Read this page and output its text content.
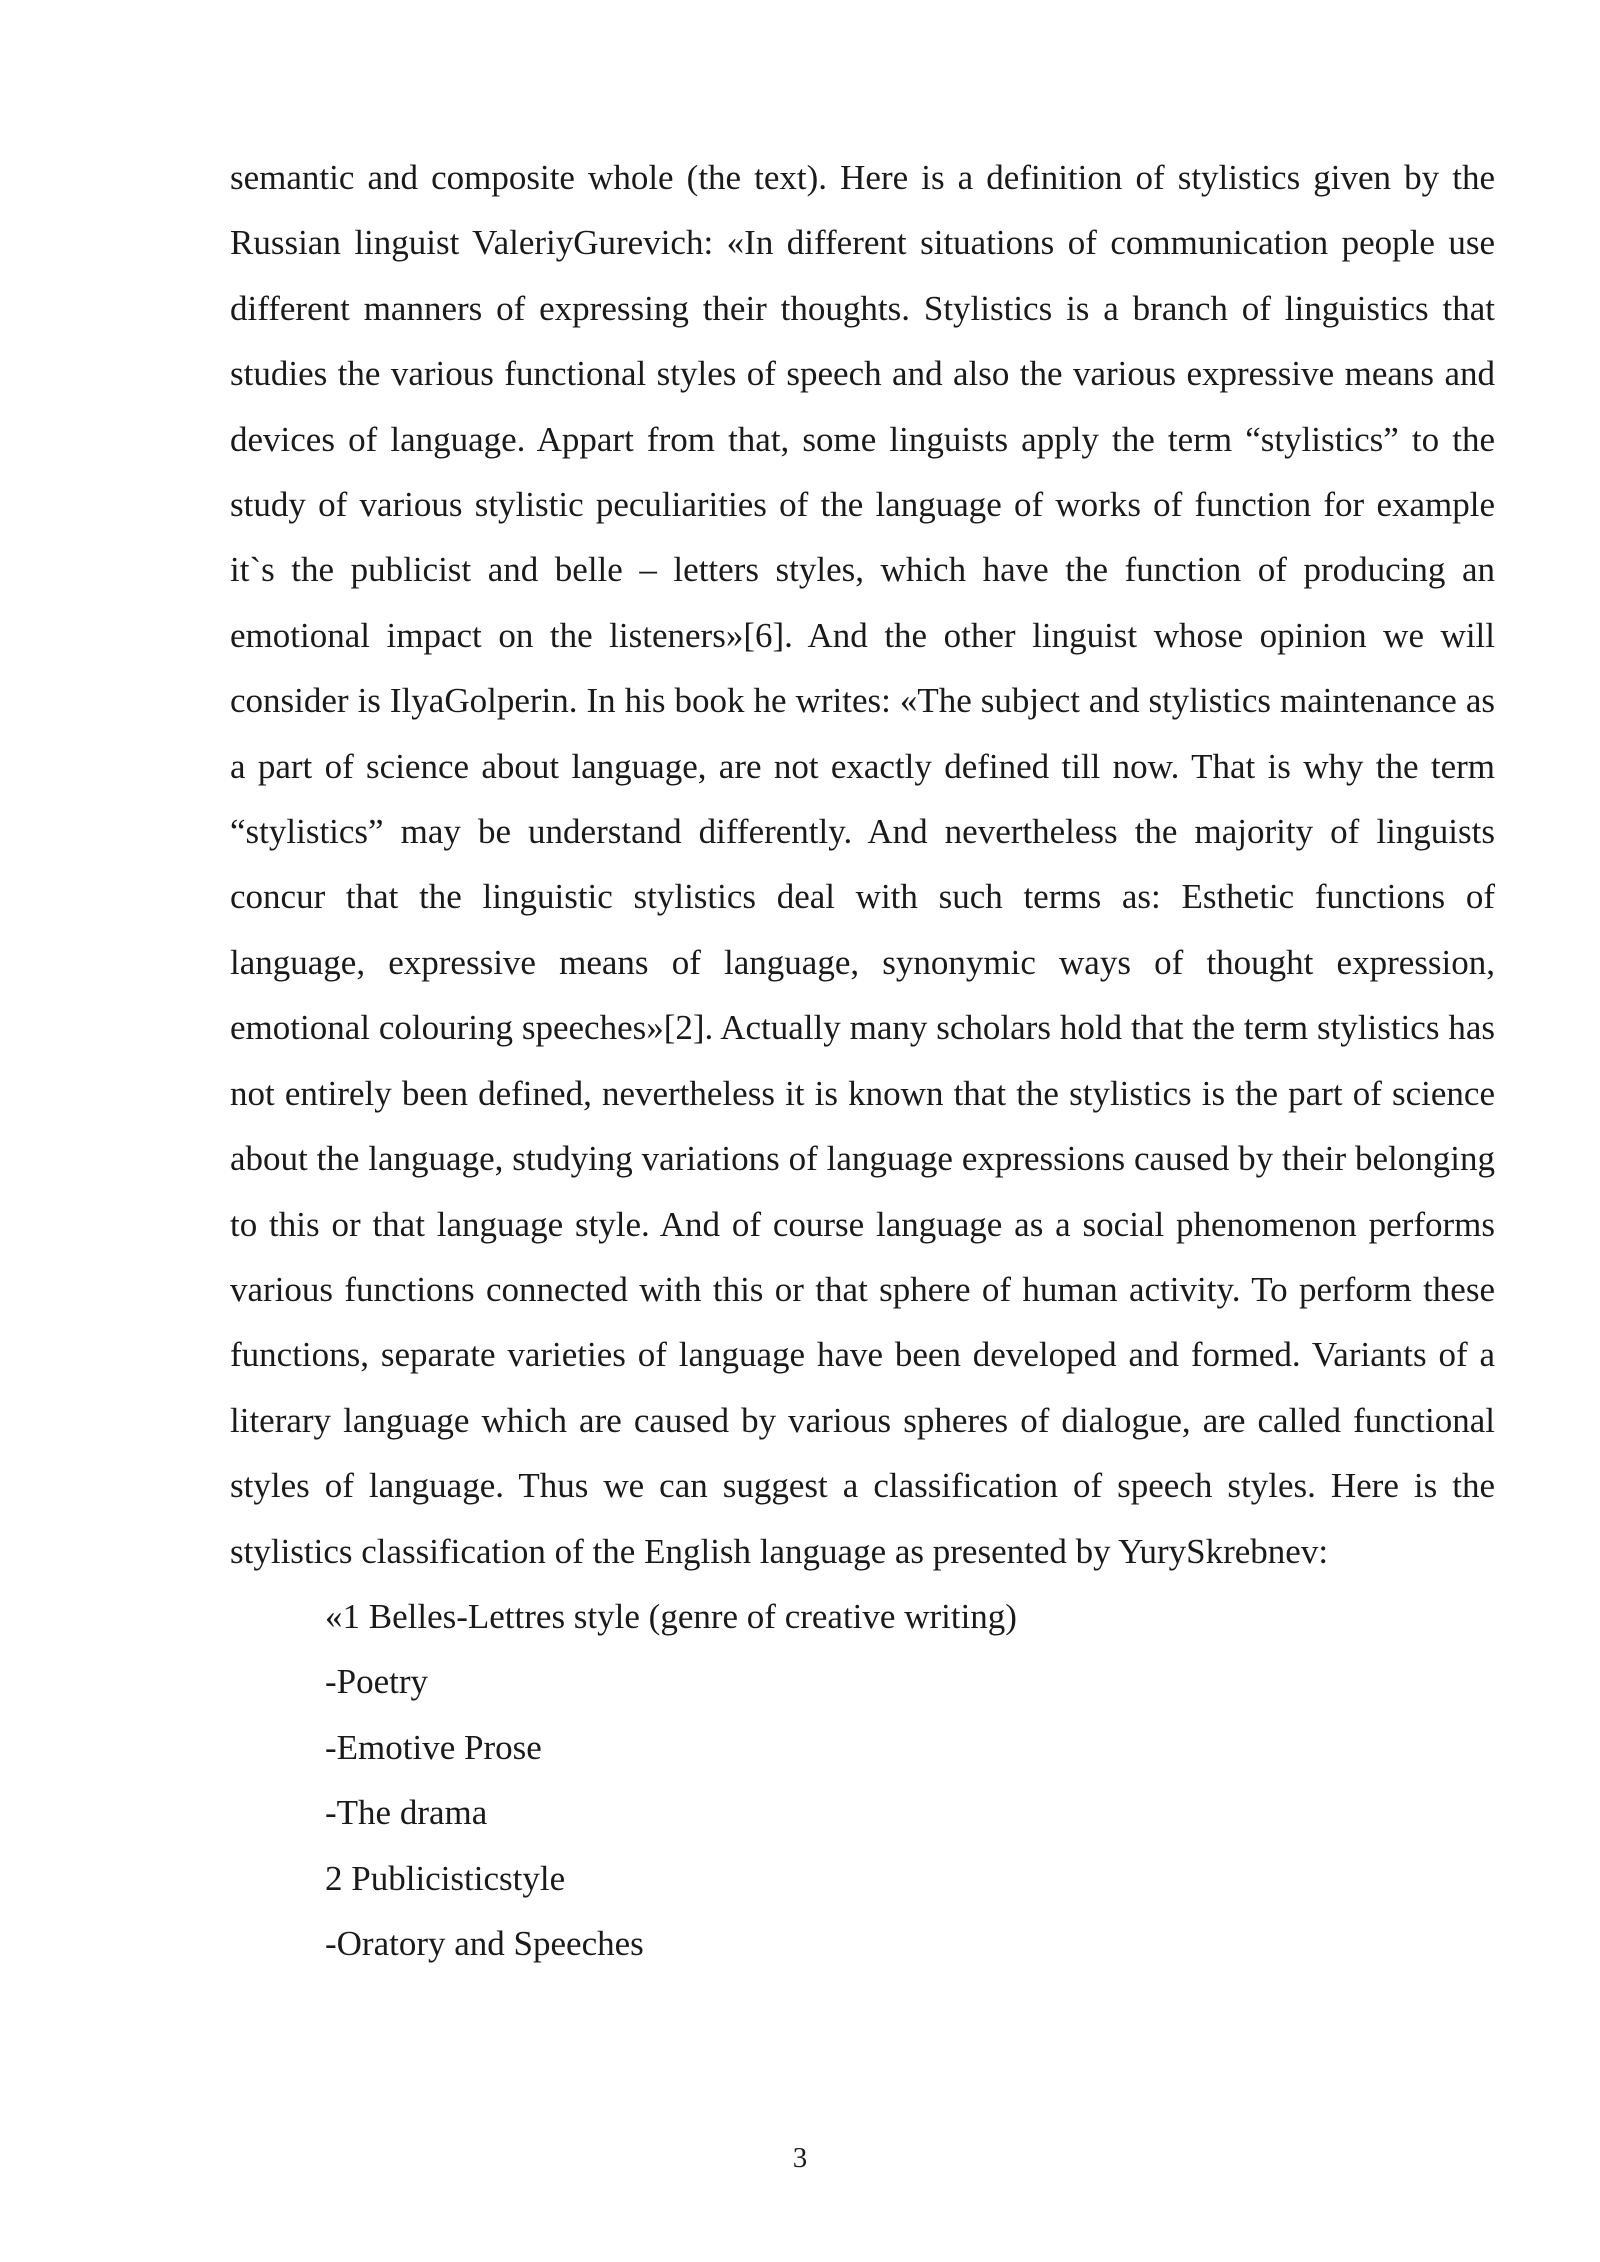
semantic and composite whole (the text). Here is a definition of stylistics given by the Russian linguist ValeriyGurevich: «In different situations of communication people use different manners of expressing their thoughts. Stylistics is a branch of linguistics that studies the various functional styles of speech and also the various expressive means and devices of language. Appart from that, some linguists apply the term “stylistics” to the study of various stylistic peculiarities of the language of works of function for example it`s the publicist and belle – letters styles, which have the function of producing an emotional impact on the listeners»[6]. And the other linguist whose opinion we will consider is IlyaGolperin. In his book he writes: «The subject and stylistics maintenance as a part of science about language, are not exactly defined till now. That is why the term “stylistics” may be understand differently. And nevertheless the majority of linguists concur that the linguistic stylistics deal with such terms as: Esthetic functions of language, expressive means of language, synonymic ways of thought expression, emotional colouring speeches»[2]. Actually many scholars hold that the term stylistics has not entirely been defined, nevertheless it is known that the stylistics is the part of science about the language, studying variations of language expressions caused by their belonging to this or that language style. And of course language as a social phenomenon performs various functions connected with this or that sphere of human activity. To perform these functions, separate varieties of language have been developed and formed. Variants of a literary language which are caused by various spheres of dialogue, are called functional styles of language. Thus we can suggest a classification of speech styles. Here is the stylistics classification of the English language as presented by YurySkrebnev:

«1 Belles-Lettres style (genre of creative writing)
-Poetry
-Emotive Prose
-The drama
2 Publicisticstyle
-Oratory and Speeches
3
